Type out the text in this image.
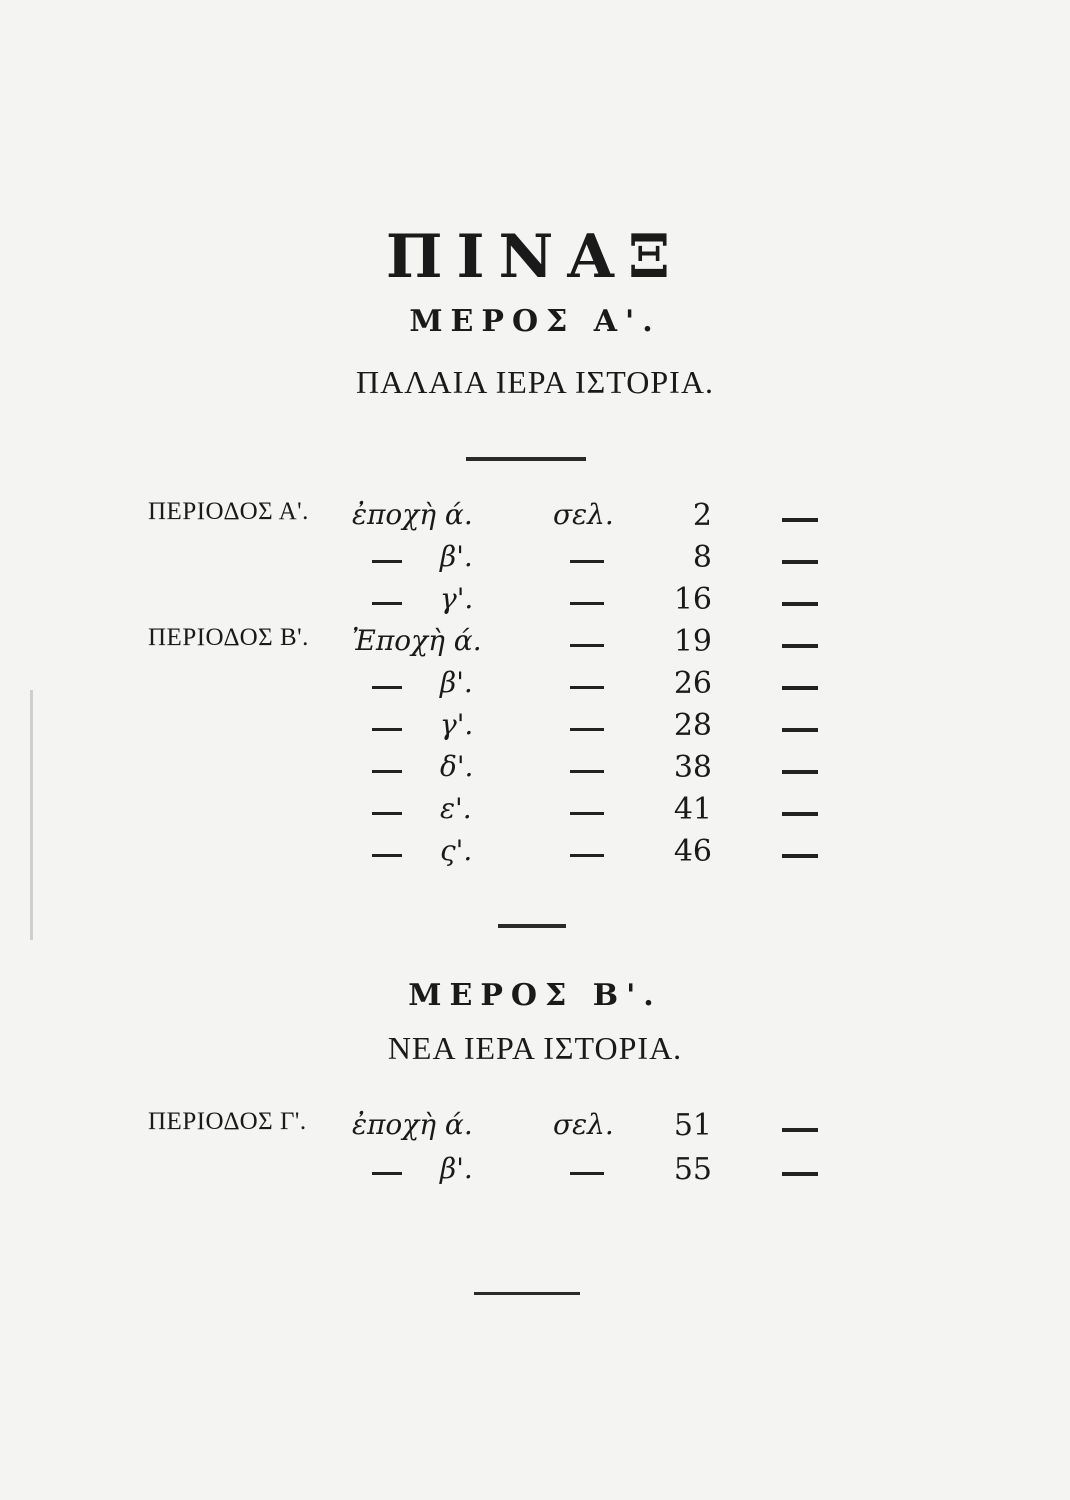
ΠΙΝΑΞ
ΜΕΡΟΣ Α'.
ΠΑΛΑΙΑ ΙΕΡΑ ΙΣΤΟΡΙΑ.
ΠΕΡΙΟΔΟΣ Α'. ἐποχὴ ά.	σελ.	2
β'.	8
γ'.	16
ΠΕΡΙΟΔΟΣ Β'. Ἐποχὴ ά.	19
β'.	26
γ'.	28
δ'.	38
ε'.	41
ς'.	46
ΜΕΡΟΣ Β'.
ΝΕΑ ΙΕΡΑ ΙΣΤΟΡΙΑ.
ΠΕΡΙΟΔΟΣ Γ'. ἐποχὴ ά.	σελ.	51
β'.	55
